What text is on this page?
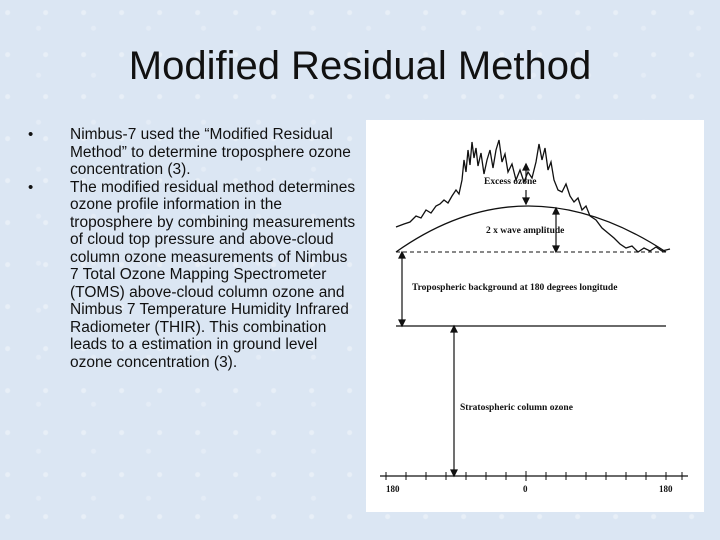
Modified Residual Method
• Nimbus-7 used the “Modified Residual Method” to determine troposphere ozone concentration (3).
• The modified residual method determines ozone profile information in the troposphere by combining measurements of cloud top pressure and above-cloud column ozone measurements of Nimbus 7 Total Ozone Mapping Spectrometer (TOMS) above-cloud column ozone and Nimbus 7 Temperature Humidity Infrared Radiometer (THIR). This combination leads to a estimation in ground level ozone concentration (3).
Excess ozone
2 x wave amplitude
Tropospheric background at 180 degrees longitude
Stratospheric column ozone
180	0	180
